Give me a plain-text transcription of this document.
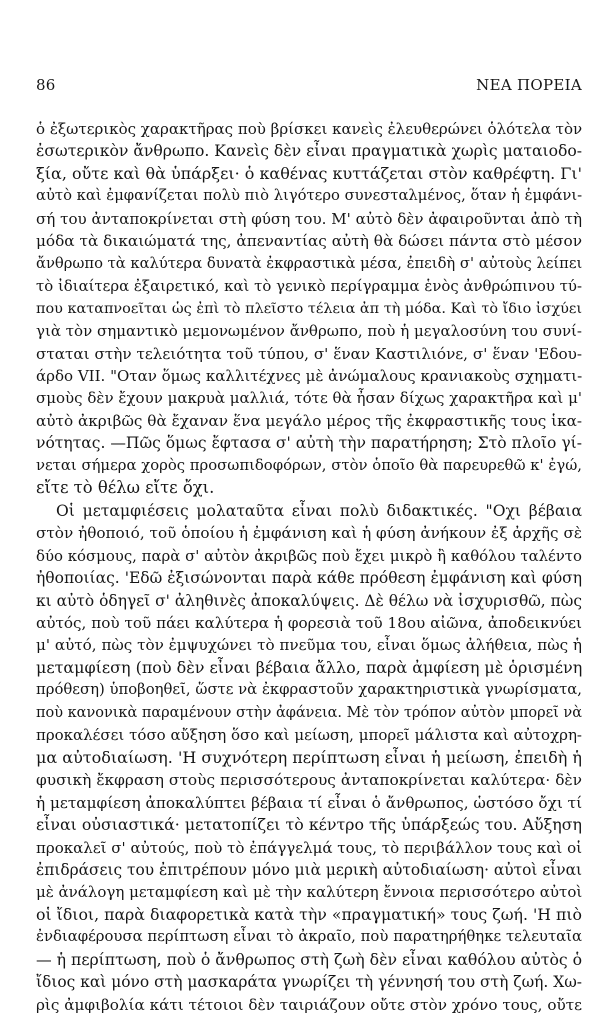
86	ΝΕΑ ΠΟΡΕΙΑ
ὁ ἐξωτερικὸς χαρακτῆρας ποὺ βρίσκει κανεὶς ἐλευθερώνει ὁλότελα τὸν
ἐσωτερικὸν ἄνθρωπο. Κανεὶς δὲν εἶναι πραγματικὰ χωρὶς ματαιοδο-
ξία, οὔτε καὶ θὰ ὑπάρξει· ὁ καθένας κυττάζεται στὸν καθρέφτη. Γι'
αὐτὸ καὶ ἐμφανίζεται πολὺ πιὸ λιγότερο συνεσταλμένος, ὅταν ἡ ἐμφάνι-
σή του ἀνταποκρίνεται στὴ φύση του. Μ' αὐτὸ δὲν ἀφαιροῦνται ἀπὸ τὴ
μόδα τὰ δικαιώματά της, ἀπεναντίας αὐτὴ θὰ δώσει πάντα στὸ μέσον
ἄνθρωπο τὰ καλύτερα δυνατὰ ἐκφραστικὰ μέσα, ἐπειδὴ σ' αὐτοὺς λείπει
τὸ ἰδιαίτερα ἐξαιρετικό, καὶ τὸ γενικὸ περίγραμμα ἑνὸς ἀνθρώπινου τύ-
που καταπνοεῖται ὡς ἐπὶ τὸ πλεῖστο τέλεια ἀπ τὴ μόδα. Καὶ τὸ ἴδιο ἰσχύει
γιὰ τὸν σημαντικὸ μεμονωμένον ἄνθρωπο, ποὺ ἡ μεγαλοσύνη του συνί-
σταται στὴν τελειότητα τοῦ τύπου, σ' ἕναν Καστιλιόνε, σ' ἕναν 'Εδου-
άρδο VII. "Οταν ὅμως καλλιτέχνες μὲ ἀνώμαλους κρανιακοὺς σχηματι-
σμοὺς δὲν ἔχουν μακρυὰ μαλλιά, τότε θὰ ἦσαν δίχως χαρακτῆρα καὶ μ'
αὐτὸ ἀκριβῶς θὰ ἔχαναν ἕνα μεγάλο μέρος τῆς ἐκφραστικῆς τους ἱκα-
νότητας. —Πῶς ὅμως ἔφτασα σ' αὐτὴ τὴν παρατήρηση; Στὸ πλοῖο γί-
νεται σήμερα χορὸς προσωπιδοφόρων, στὸν ὁποῖο θὰ παρευρεθῶ κ' ἐγώ,
εἴτε τὸ θέλω εἴτε ὄχι.
Οἱ μεταμφιέσεις μολαταῦτα εἶναι πολὺ διδακτικές. "Οχι βέβαια
στὸν ἠθοποιό, τοῦ ὁποίου ἡ ἐμφάνιση καὶ ἡ φύση ἀνήκουν ἐξ ἀρχῆς σὲ
δύο κόσμους, παρὰ σ' αὐτὸν ἀκριβῶς ποὺ ἔχει μικρὸ ἢ καθόλου ταλέντο
ἠθοποιίας. 'Εδῶ ἐξισώνονται παρὰ κάθε πρόθεση ἐμφάνιση καὶ φύση
κι αὐτὸ ὁδηγεῖ σ' ἀληθινὲς ἀποκαλύψεις. Δὲ θέλω νὰ ἰσχυρισθῶ, πὼς
αὐτός, ποὺ τοῦ πάει καλύτερα ἡ φορεσιὰ τοῦ 18ου αἰῶνα, ἀποδεικνύει
μ' αὐτό, πὼς τὸν ἐμψυχώνει τὸ πνεῦμα του, εἶναι ὅμως ἀλήθεια, πὼς ἡ
μεταμφίεση (ποὺ δὲν εἶναι βέβαια ἄλλο, παρὰ ἀμφίεση μὲ ὁρισμένη
πρόθεση) ὑποβοηθεῖ, ὥστε νὰ ἐκφραστοῦν χαρακτηριστικὰ γνωρίσματα,
ποὺ κανονικὰ παραμένουν στὴν ἀφάνεια. Μὲ τὸν τρόπον αὐτὸν μπορεῖ νὰ
προκαλέσει τόσο αὔξηση ὅσο καὶ μείωση, μπορεῖ μάλιστα καὶ αὐτοχρη-
μα αὐτοδιαίωση. 'Η συχνότερη περίπτωση εἶναι ἡ μείωση, ἐπειδὴ ἡ
φυσικὴ ἔκφραση στοὺς περισσότερους ἀνταποκρίνεται καλύτερα· δὲν
ἡ μεταμφίεση ἀποκαλύπτει βέβαια τί εἶναι ὁ ἄνθρωπος, ὡστόσο ὄχι τί
εἶναι οὐσιαστικά· μετατοπίζει τὸ κέντρο τῆς ὑπάρξεώς του. Αὔξηση
προκαλεῖ σ' αὐτούς, ποὺ τὸ ἐπάγγελμά τους, τὸ περιβάλλον τους καὶ οἱ
ἐπιδράσεις του ἐπιτρέπουν μόνο μιὰ μερικὴ αὐτοδιαίωση· αὐτοὶ εἶναι
μὲ ἀνάλογη μεταμφίεση καὶ μὲ τὴν καλύτερη ἔννοια περισσότερο αὐτοὶ
οἱ ἴδιοι, παρὰ διαφορετικὰ κατὰ τὴν «πραγματική» τους ζωή. 'Η πιὸ
ἐνδιαφέρουσα περίπτωση εἶναι τὸ ἀκραῖο, ποὺ παρατηρήθηκε τελευταῖα
— ἡ περίπτωση, ποὺ ὁ ἄνθρωπος στὴ ζωὴ δὲν εἶναι καθόλου αὐτὸς ὁ
ἴδιος καὶ μόνο στὴ μασκαράτα γνωρίζει τὴ γέννησή του στὴ ζωή. Χω-
ρὶς ἀμφιβολία κάτι τέτοιοι δὲν ταιριάζουν οὔτε στὸν χρόνο τους, οὔτε
